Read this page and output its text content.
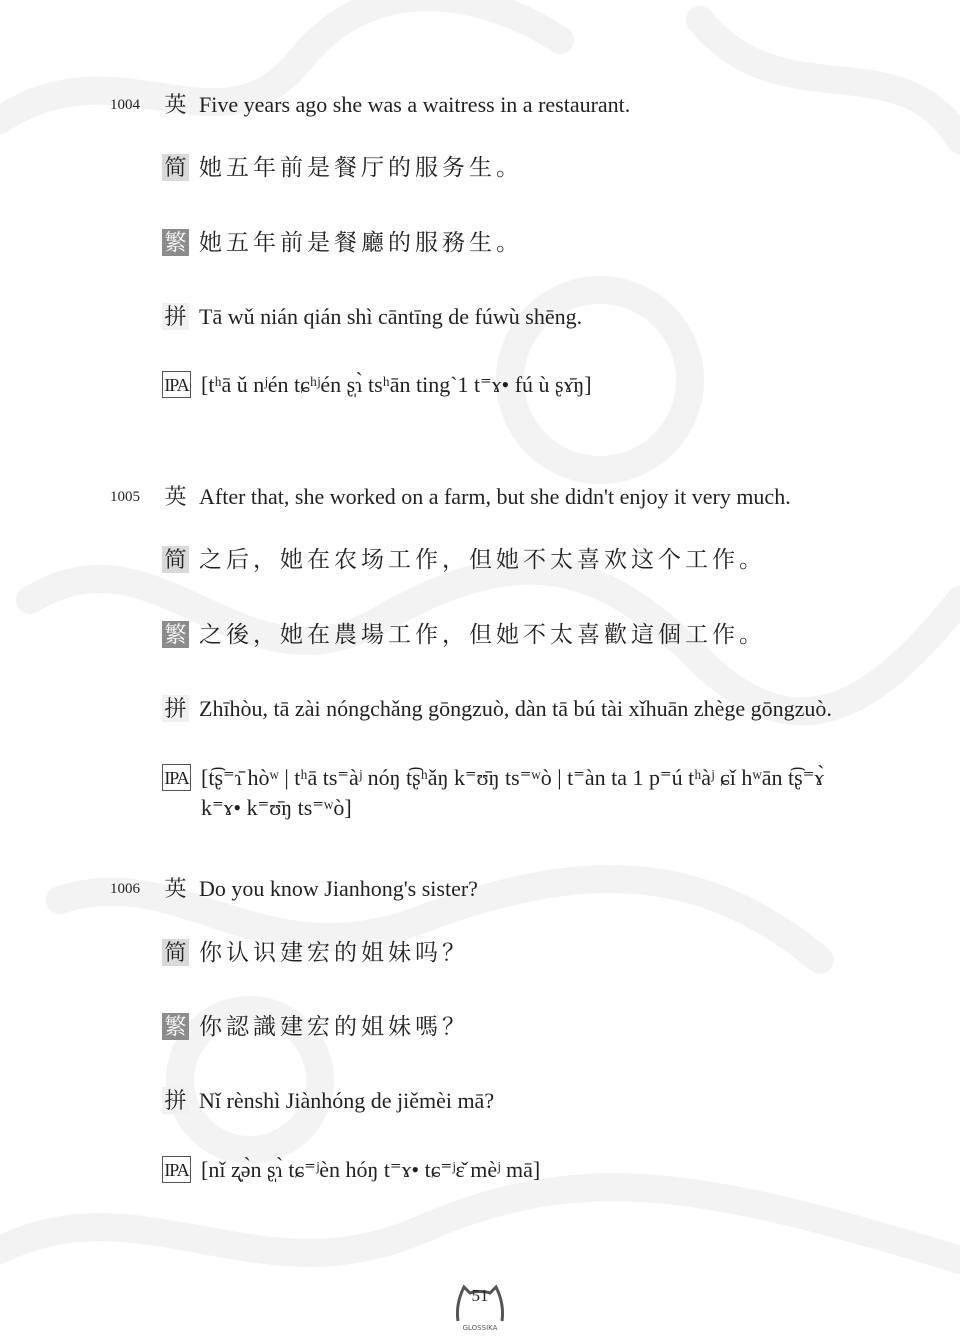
1004 英 Five years ago she was a waitress in a restaurant.
简 她五年前是餐厅的服务生。
繁 她五年前是餐廳的服務生。
拼 Tā wǔ nián qián shì cāntīng de fúwù shēng.
IPA [tʰā ǔ nʲén tɕʰʲén ʂ̩ɿ̀ tsʰān ting`1 t⁼ɤ• fú ù ʂɤ̄ŋ]
1005 英 After that, she worked on a farm, but she didn't enjoy it very much.
简 之后，她在农场工作，但她不太喜欢这个工作。
繁 之後，她在農場工作，但她不太喜歡這個工作。
拼 Zhīhòu, tā zài nóngchǎng gōngzuò, dàn tā bú tài xǐhuān zhège gōngzuò.
IPA [t͡ʂ⁼ɿ̄ hòʷ | tʰā ts⁼àʲ nóŋ t͡ʂʰǎŋ k⁼ʊ̄ŋ ts⁼ʷò | t⁼àn ta 1 p⁼ú tʰàʲ ɕǐ hʷān t͡ʂ⁼ɤ̀ k⁼ɤ• k⁼ʊ̄ŋ ts⁼ʷò]
1006 英 Do you know Jianhong's sister?
简 你认识建宏的姐妹吗？
繁 你認識建宏的姐妹嗎？
拼 Nǐ rènshì Jiànhóng de jiěmèi mā?
IPA [nǐ ʐ̩ə̀n ʂ̩ɿ̀ tɕ⁼ʲèn hóŋ t⁼ɤ• tɕ⁼ʲɛ̌ mèʲ mā]
GLOSSIKA
51
